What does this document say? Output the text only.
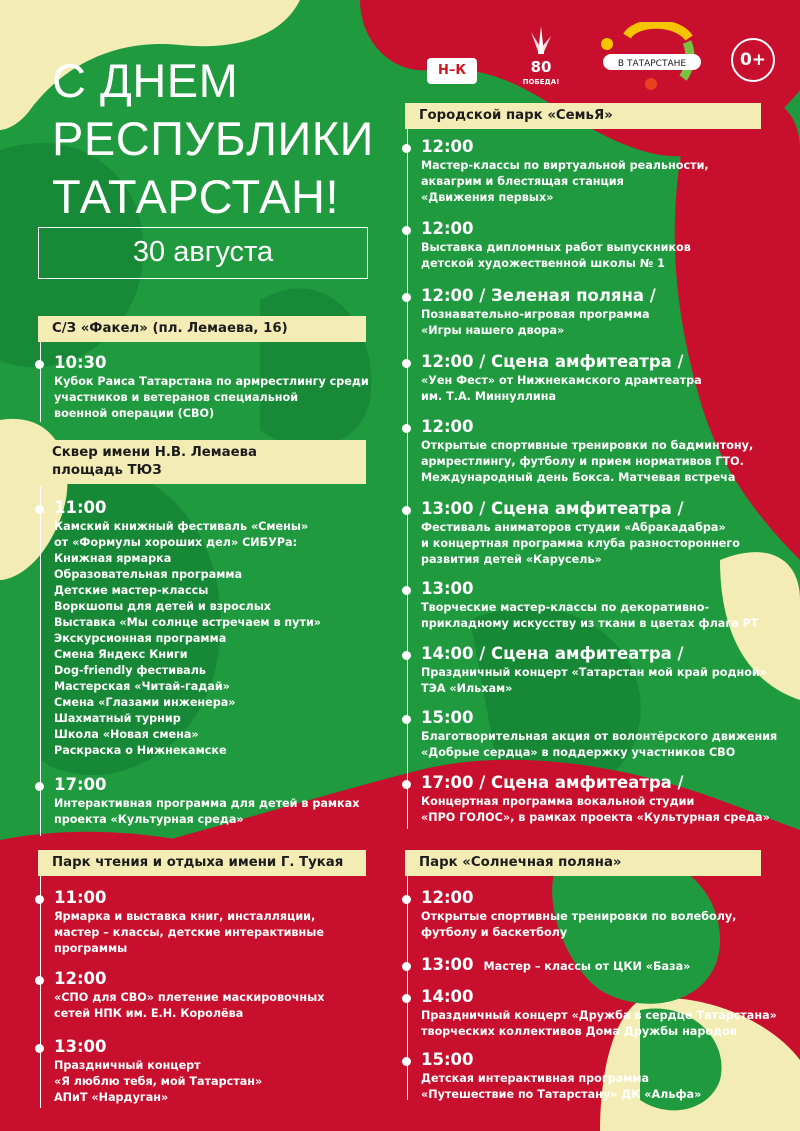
С ДНЕМ
РЕСПУБЛИКИ
ТАТАРСТАН!
30 августа
Н–К	80
ПОБЕДА!
ЛЕТО
В ТАТАРСТАНЕ	0+
С/З «Факел» (пл. Лемаева, 16)
10:30
Кубок Раиса Татарстана по армрестлингу среди
участников и ветеранов специальной
военной операции (СВО)
Сквер имени Н.В. Лемаева
площадь ТЮЗ
11:00
Камский книжный фестиваль «Смены»
от «Формулы хороших дел» СИБУРа:
Книжная ярмарка
Образовательная программа
Детские мастер-классы
Воркшопы для детей и взрослых
Выставка «Мы солнце встречаем в пути»
Экскурсионная программа
Смена Яндекс Книги
Dog-friendly фестиваль
Мастерская «Читай-гадай»
Смена «Глазами инженера»
Шахматный турнир
Школа «Новая смена»
Раскраска о Нижнекамске
17:00
Интерактивная программа для детей в рамках
проекта «Культурная среда»
Парк чтения и отдыха имени Г. Тукая
11:00
Ярмарка и выставка книг, инсталляции,
мастер – классы, детские интерактивные
программы
12:00
«СПО для СВО» плетение маскировочных
сетей НПК им. Е.Н. Королёва
13:00
Праздничный концерт
«Я люблю тебя, мой Татарстан»
АПиТ «Нардуган»
Городской парк «СемьЯ»
12:00
Мастер-классы по виртуальной реальности,
аквагрим и блестящая станция
«Движения первых»
12:00
Выставка дипломных работ выпускников
детской художественной школы № 1
12:00 / Зеленая поляна /
Познавательно-игровая программа
«Игры нашего двора»
12:00 / Сцена амфитеатра /
«Уен Фест» от Нижнекамского драмтеатра
им. Т.А. Миннуллина
12:00
Открытые спортивные тренировки по бадминтону,
армрестлингу, футболу и прием нормативов ГТО.
Международный день Бокса. Матчевая встреча
13:00 / Сцена амфитеатра /
Фестиваль аниматоров студии «Абракадабра»
и концертная программа клуба разностороннего
развития детей «Карусель»
13:00
Творческие мастер-классы по декоративно-
прикладному искусству из ткани в цветах флага РТ
14:00 / Сцена амфитеатра /
Праздничный концерт «Татарстан мой край родной»
ТЭА «Ильхам»
15:00
Благотворительная акция от волонтёрского движения
«Добрые сердца» в поддержку участников СВО
17:00 / Сцена амфитеатра /
Концертная программа вокальной студии
«ПРО ГОЛОС», в рамках проекта «Культурная среда»
Парк «Солнечная поляна»
12:00
Открытые спортивные тренировки по волеболу,
футболу и баскетболу
13:00 Мастер – классы от ЦКИ «База»
14:00
Праздничный концерт «Дружба в сердце Татарстана»
творческих коллективов Дома Дружбы народов
15:00
Детская интерактивная программа
«Путешествие по Татарстану» ДК «Альфа»
